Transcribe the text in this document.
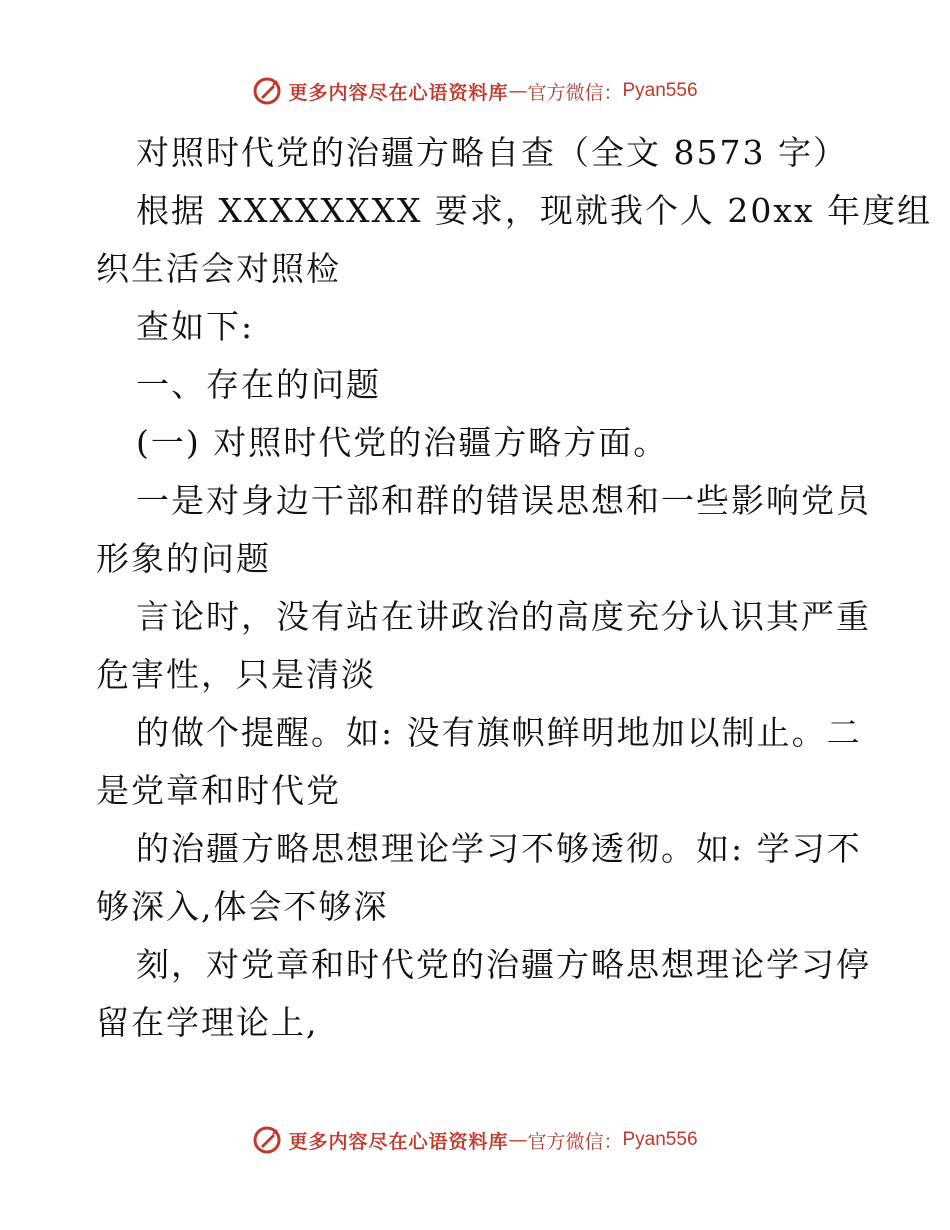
更多内容尽在心语资料库 — 官方微信： Pyan556

对照时代党的治疆方略自查（全文 8573 字）

根据 XXXXXXXX 要求，现就我个人 20xx 年度组
织生活会对照检

查如下:

一、存在的问题

(一) 对照时代党的治疆方略方面。

一是对身边干部和群的错误思想和一些影响党员
形象的问题

言论时，没有站在讲政治的高度充分认识其严重
危害性，只是清淡

的做个提醒。如: 没有旗帜鲜明地加以制止。二
是党章和时代党

的治疆方略思想理论学习不够透彻。如: 学习不
够深入,体会不够深

刻，对党章和时代党的治疆方略思想理论学习停
留在学理论上,

更多内容尽在心语资料库 — 官方微信： Pyan556
